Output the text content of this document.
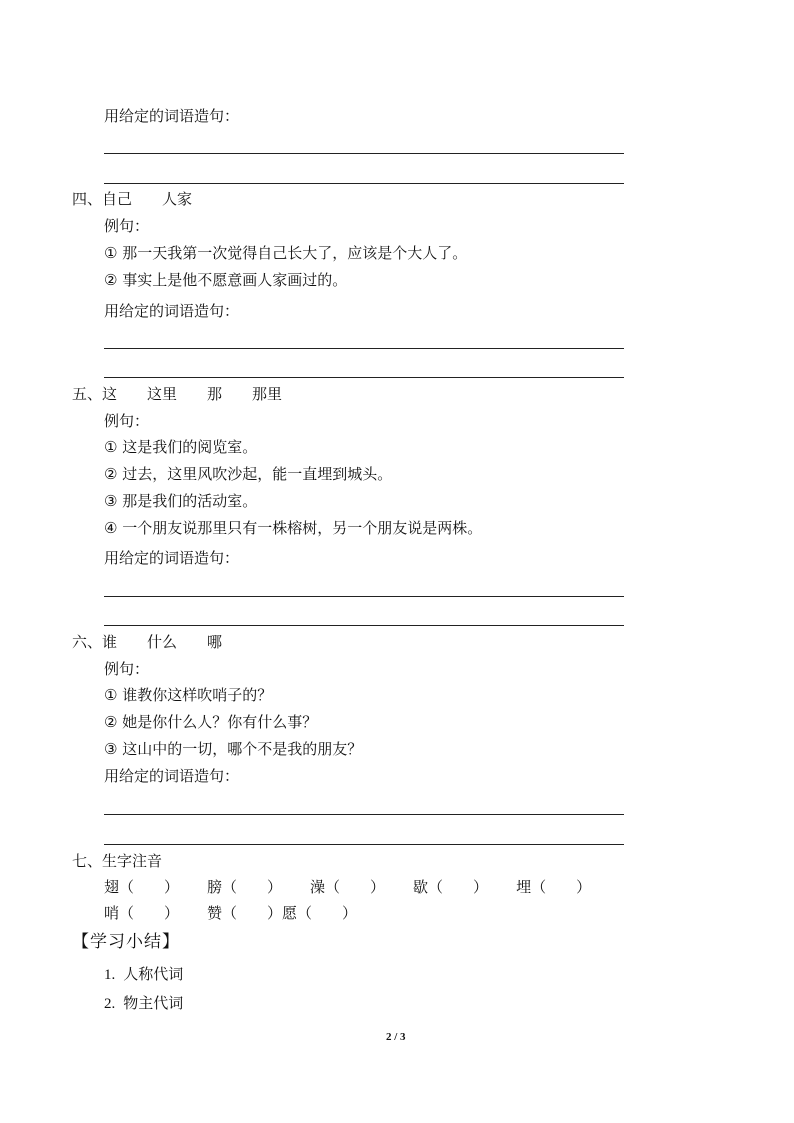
用给定的词语造句：
四、自己 人家
例句：
① 那一天我第一次觉得自己长大了，应该是个大人了。
② 事实上是他不愿意画人家画过的。
用给定的词语造句：
五、这 这里 那 那里
例句：
① 这是我们的阅览室。
② 过去，这里风吹沙起，能一直埋到城头。
③ 那是我们的活动室。
④ 一个朋友说那里只有一株榕树，另一个朋友说是两株。
用给定的词语造句：
六、谁 什么 哪
例句：
① 谁教你这样吹哨子的？
② 她是你什么人？你有什么事？
③ 这山中的一切，哪个不是我的朋友？
用给定的词语造句：
七、生字注音
翅（　　） 膀（　　） 澡（　　） 歇（　　） 埋（　　）
哨（　　） 赞（　　）愿（　　）
【学习小结】
1. 人称代词
2. 物主代词
2 / 3
